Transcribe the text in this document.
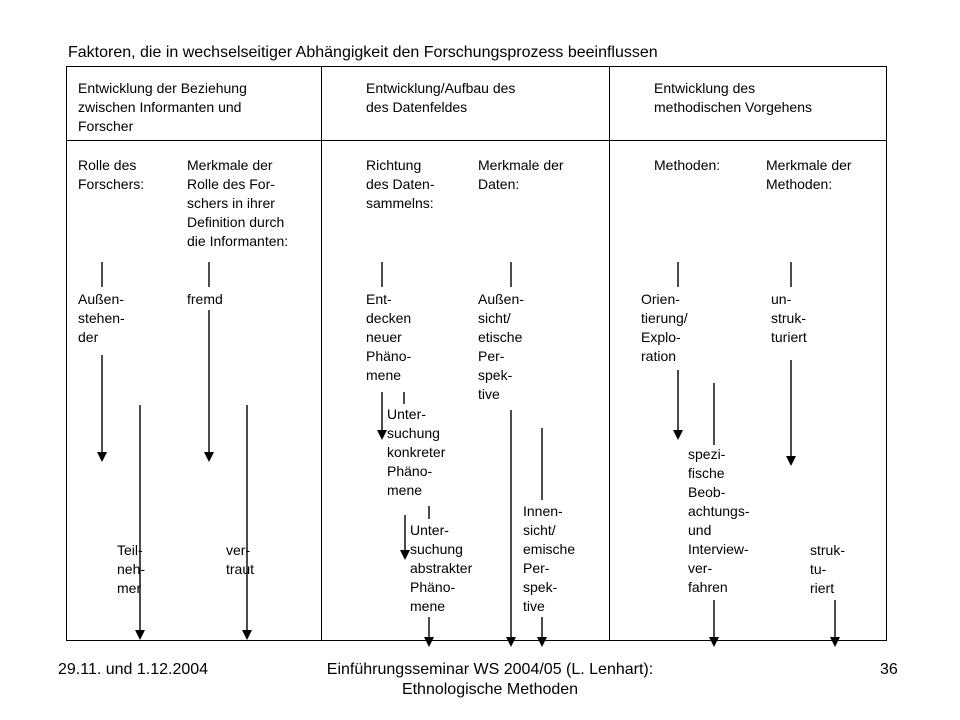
Faktoren, die in wechselseitiger Abhängigkeit den Forschungsprozess beeinflussen
Entwicklung der Beziehung
zwischen Informanten und
Forscher
Rolle des
Forschers:
Merkmale der
Rolle des For-
schers in ihrer
Definition durch
die Informanten:
Außen-
stehen-
der
fremd
Teil-
neh-
mer
ver-
traut
Entwicklung/Aufbau des
des Datenfeldes
Richtung
des Daten-
sammelns:
Merkmale der
Daten:
Ent-
decken
neuer
Phäno-
mene
Außen-
sicht/
etische
Per-
spek-
tive
Unter-
suchung
konkreter
Phäno-
mene
Unter-
suchung
abstrakter
Phäno-
mene
Innen-
sicht/
emische
Per-
spek-
tive
Entwicklung des
methodischen Vorgehens
Methoden:	Merkmale der
Methoden:
Orien-
tierung/
Explo-
ration
un-
struk-
turiert
spezi-
fische
Beob-
achtungs-
und
Interview-
ver-
fahren
struk-
tu-
riert
29.11. und 1.12.2004	Einführungsseminar WS 2004/05 (L. Lenhart):
Ethnologische Methoden
36
